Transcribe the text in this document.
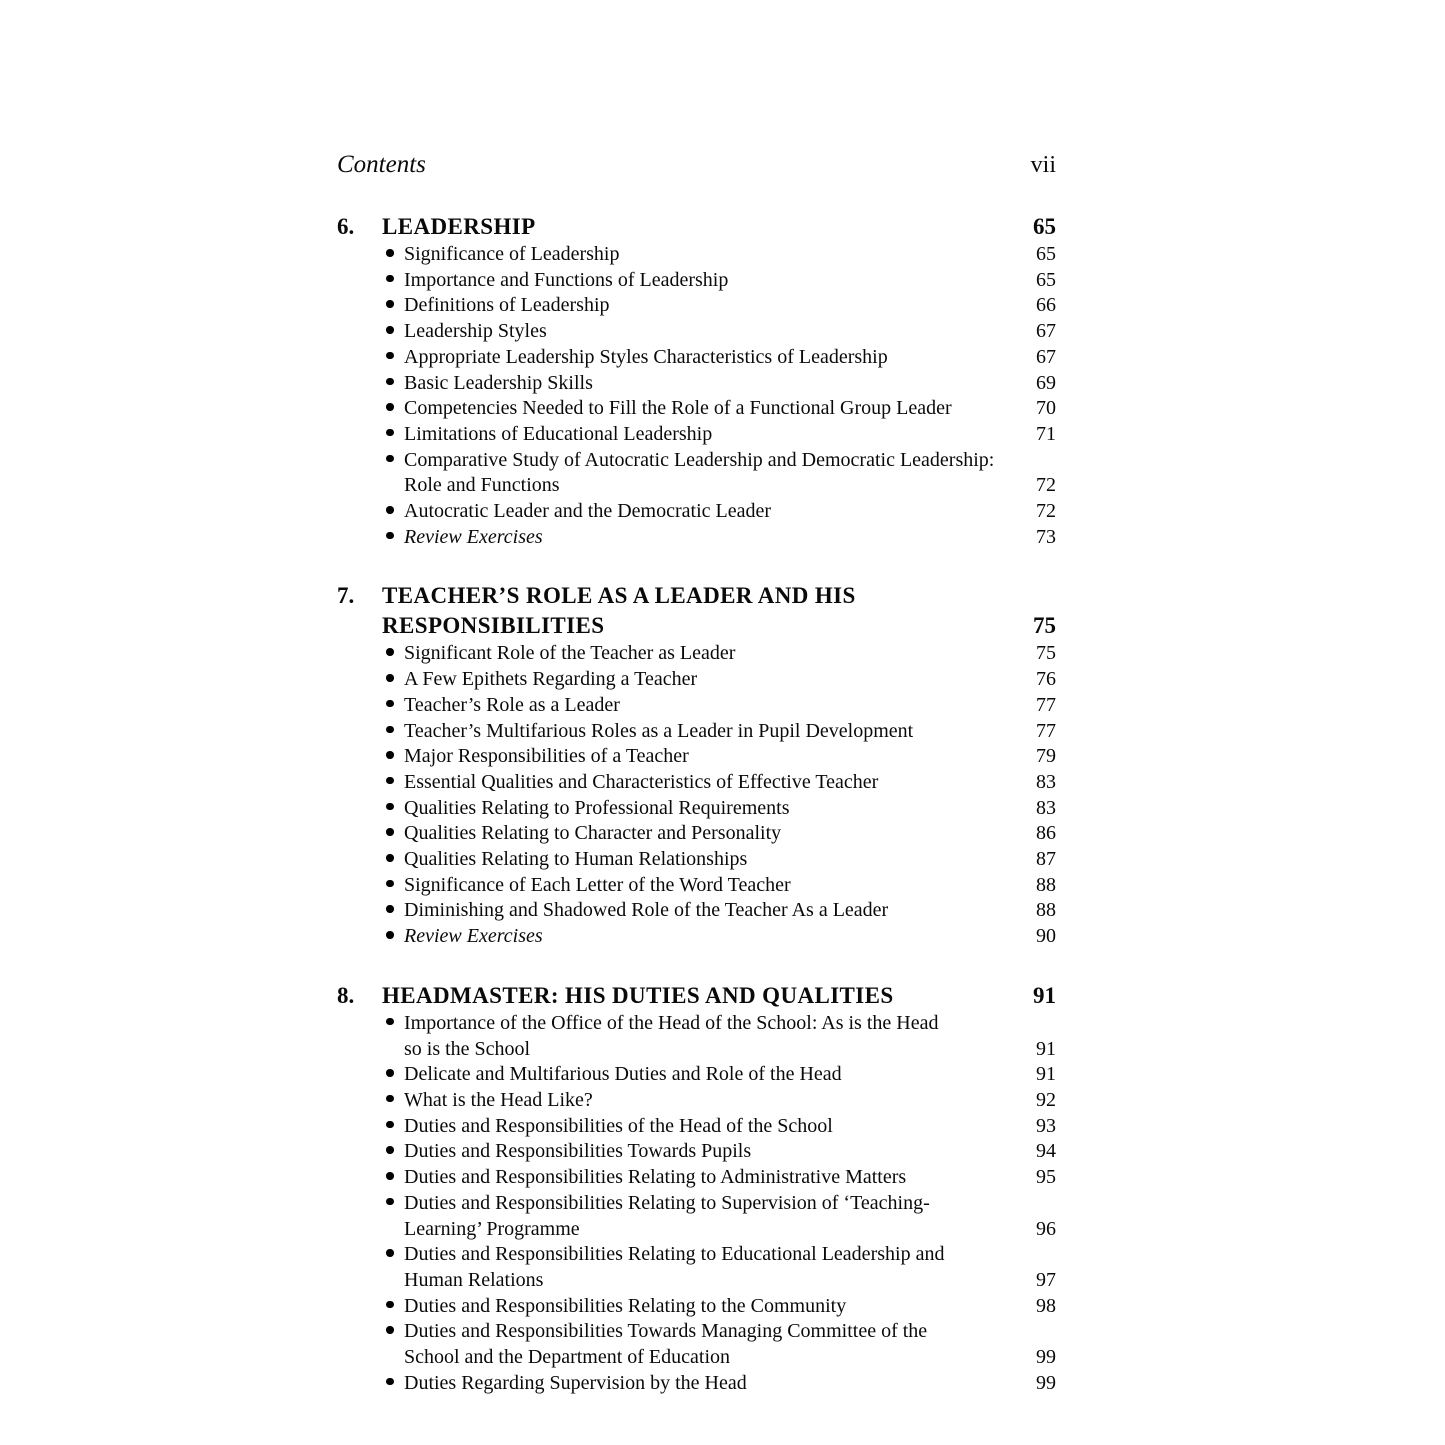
Contents	vii
6.	LEADERSHIP	65
Significance of Leadership	65
Importance and Functions of Leadership	65
Definitions of Leadership	66
Leadership Styles	67
Appropriate Leadership Styles Characteristics of Leadership	67
Basic Leadership Skills	69
Competencies Needed to Fill the Role of a Functional Group Leader	70
Limitations of Educational Leadership	71
Comparative Study of Autocratic Leadership and Democratic Leadership:
Role and Functions	72
Autocratic Leader and the Democratic Leader	72
Review Exercises	73
7.	TEACHER’S ROLE AS A LEADER AND HIS
RESPONSIBILITIES	75
Significant Role of the Teacher as Leader	75
A Few Epithets Regarding a Teacher	76
Teacher’s Role as a Leader	77
Teacher’s Multifarious Roles as a Leader in Pupil Development	77
Major Responsibilities of a Teacher	79
Essential Qualities and Characteristics of Effective Teacher	83
Qualities Relating to Professional Requirements	83
Qualities Relating to Character and Personality	86
Qualities Relating to Human Relationships	87
Significance of Each Letter of the Word Teacher	88
Diminishing and Shadowed Role of the Teacher As a Leader	88
Review Exercises	90
8.	HEADMASTER: HIS DUTIES AND QUALITIES	91
Importance of the Office of the Head of the School: As is the Head
so is the School	91
Delicate and Multifarious Duties and Role of the Head	91
What is the Head Like?	92
Duties and Responsibilities of the Head of the School	93
Duties and Responsibilities Towards Pupils	94
Duties and Responsibilities Relating to Administrative Matters	95
Duties and Responsibilities Relating to Supervision of ‘Teaching-
Learning’ Programme	96
Duties and Responsibilities Relating to Educational Leadership and
Human Relations	97
Duties and Responsibilities Relating to the Community	98
Duties and Responsibilities Towards Managing Committee of the
School and the Department of Education	99
Duties Regarding Supervision by the Head	99
